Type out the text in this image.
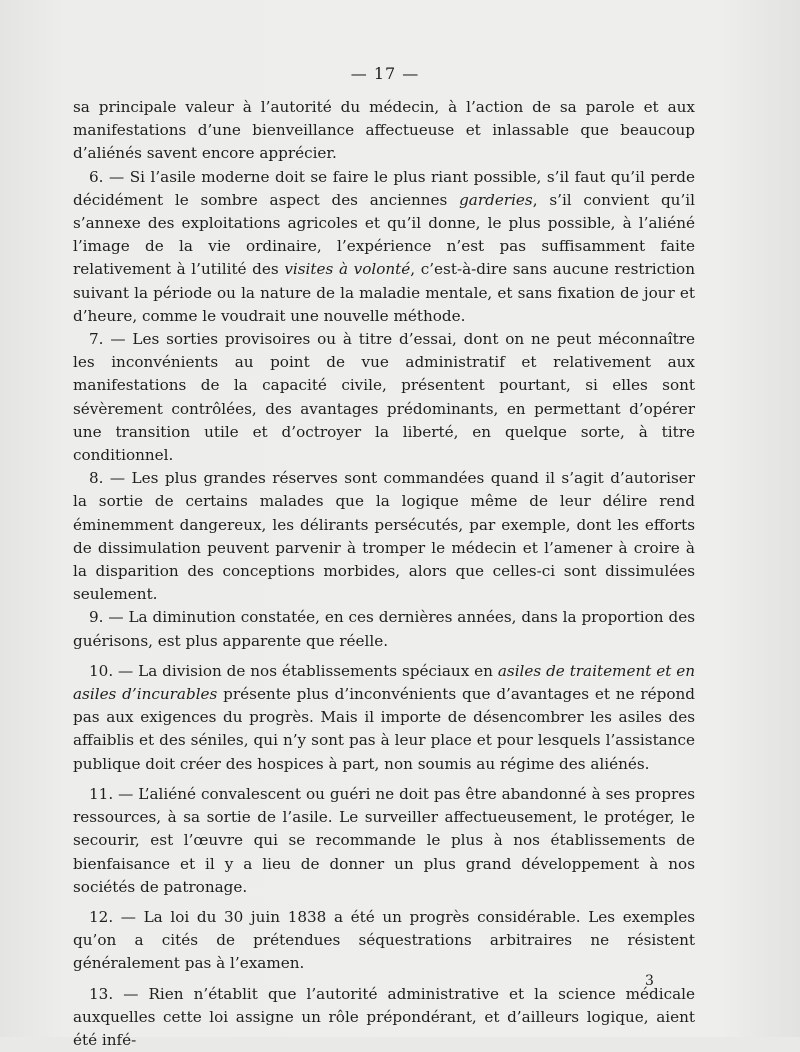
— 17 —

sa principale valeur à l’autorité du médecin, à l’action de sa parole et aux manifestations d’une bienveillance affectueuse et inlassable que beaucoup d’aliénés savent encore apprécier.

6. — Si l’asile moderne doit se faire le plus riant possible, s’il faut qu’il perde décidément le sombre aspect des anciennes garderies, s’il convient qu’il s’annexe des exploitations agricoles et qu’il donne, le plus possible, à l’aliéné l’image de la vie ordinaire, l’expérience n’est pas suffisamment faite relativement à l’utilité des visites à volonté, c’est-à-dire sans aucune restriction suivant la période ou la nature de la maladie mentale, et sans fixation de jour et d’heure, comme le voudrait une nouvelle méthode.

7. — Les sorties provisoires ou à titre d’essai, dont on ne peut méconnaître les inconvénients au point de vue administratif et relativement aux manifestations de la capacité civile, présentent pourtant, si elles sont sévèrement contrôlées, des avantages prédominants, en permettant d’opérer une transition utile et d’octroyer la liberté, en quelque sorte, à titre conditionnel.

8. — Les plus grandes réserves sont commandées quand il s’agit d’autoriser la sortie de certains malades que la logique même de leur délire rend éminemment dangereux, les délirants persécutés, par exemple, dont les efforts de dissimulation peuvent parvenir à tromper le médecin et l’amener à croire à la disparition des conceptions morbides, alors que celles-ci sont dissimulées seulement.

9. — La diminution constatée, en ces dernières années, dans la proportion des guérisons, est plus apparente que réelle.

10. — La division de nos établissements spéciaux en asiles de traitement et en asiles d’incurables présente plus d’inconvénients que d’avantages et ne répond pas aux exigences du progrès. Mais il importe de désencombrer les asiles des affaiblis et des séniles, qui n’y sont pas à leur place et pour lesquels l’assistance publique doit créer des hospices à part, non soumis au régime des aliénés.

11. — L’aliéné convalescent ou guéri ne doit pas être abandonné à ses propres ressources, à sa sortie de l’asile. Le surveiller affectueusement, le protéger, le secourir, est l’œuvre qui se recommande le plus à nos établissements de bienfaisance et il y a lieu de donner un plus grand développement à nos sociétés de patronage.

12. — La loi du 30 juin 1838 a été un progrès considérable. Les exemples qu’on a cités de prétendues séquestrations arbitraires ne résistent généralement pas à l’examen.

13. — Rien n’établit que l’autorité administrative et la science médicale auxquelles cette loi assigne un rôle prépondérant, et d’ailleurs logique, aient été infé-

3
